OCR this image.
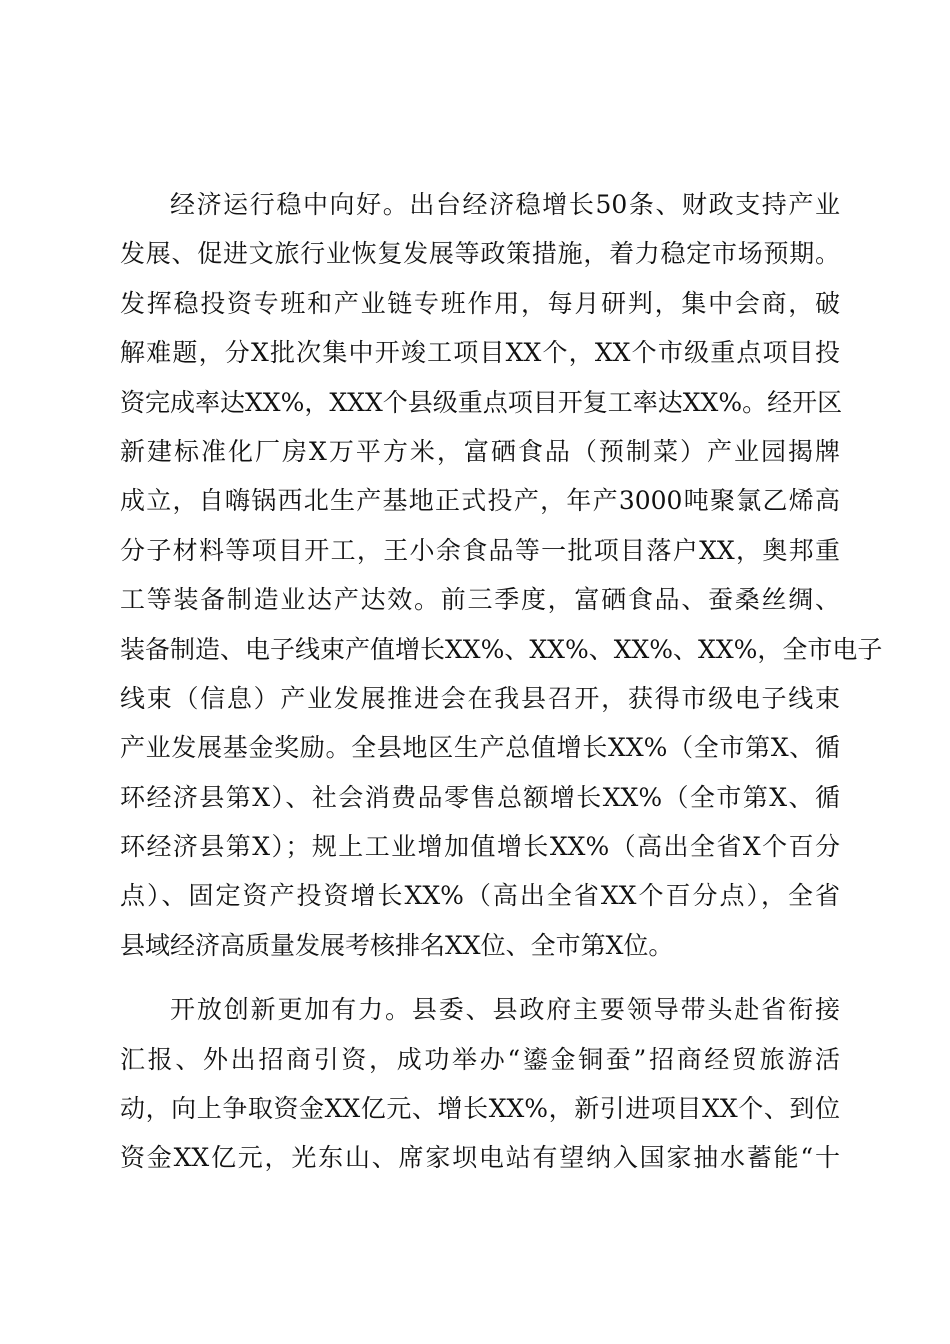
经济运行稳中向好。出台经济稳增长50条、财政支持产业
发展、促进文旅行业恢复发展等政策措施，着力稳定市场预期。
发挥稳投资专班和产业链专班作用，每月研判，集中会商，破
解难题，分X批次集中开竣工项目XX个，XX个市级重点项目投
资完成率达XX%，XXX个县级重点项目开复工率达XX%。经开区
新建标准化厂房X万平方米，富硒食品（预制菜）产业园揭牌
成立，自嗨锅西北生产基地正式投产，年产3000吨聚氯乙烯高
分子材料等项目开工，王小余食品等一批项目落户XX，奥邦重
工等装备制造业达产达效。前三季度，富硒食品、蚕桑丝绸、
装备制造、电子线束产值增长XX%、XX%、XX%、XX%，全市电子
线束（信息）产业发展推进会在我县召开，获得市级电子线束
产业发展基金奖励。全县地区生产总值增长XX%（全市第X、循
环经济县第X）、社会消费品零售总额增长XX%（全市第X、循
环经济县第X）；规上工业增加值增长XX%（高出全省X个百分
点）、固定资产投资增长XX%（高出全省XX个百分点），全省
县域经济高质量发展考核排名XX位、全市第X位。
开放创新更加有力。县委、县政府主要领导带头赴省衔接
汇报、外出招商引资，成功举办“鎏金铜蚕”招商经贸旅游活
动，向上争取资金XX亿元、增长XX%，新引进项目XX个、到位
资金XX亿元，光东山、席家坝电站有望纳入国家抽水蓄能“十
